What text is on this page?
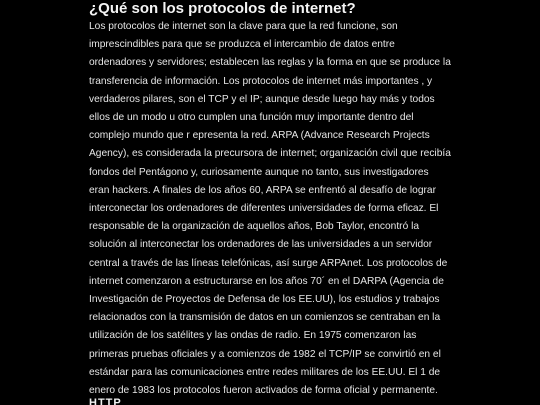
¿Qué son los protocolos de internet?

Los protocolos de internet son la clave para que la red funcione, son imprescindibles para que se produzca el intercambio de datos entre ordenadores y servidores; establecen las reglas y la forma en que se produce la transferencia de información. Los protocolos de internet más importantes , y verdaderos pilares, son el TCP y el IP; aunque desde luego hay más y todos ellos de un modo u otro cumplen una función muy importante dentro del complejo mundo que r epresenta la red. ARPA (Advance Research Projects Agency), es considerada la precursora de internet; organización civil que recibía fondos del Pentágono y, curiosamente aunque no tanto, sus investigadores eran hackers. A finales de los años 60, ARPA se enfrentó al desafío de lograr interconectar los ordenadores de diferentes universidades de forma eficaz. El responsable de la organización de aquellos años, Bob Taylor, encontró la solución al interconectar los ordenadores de las universidades a un servidor central a través de las líneas telefónicas, así surge ARPAnet. Los protocolos de internet comenzaron a estructurarse en los años 70´ en el DARPA (Agencia de Investigación de Proyectos de Defensa de los EE.UU), los estudios y trabajos relacionados con la transmisión de datos en un comienzos se centraban en la utilización de los satélites y las ondas de radio. En 1975 comenzaron las primeras pruebas oficiales y a comienzos de 1982 el TCP/IP se convirtió en el estándar para las comunicaciones entre redes militares de los EE.UU. El 1 de enero de 1983 los protocolos fueron activados de forma oficial y permanente.

HTTP
